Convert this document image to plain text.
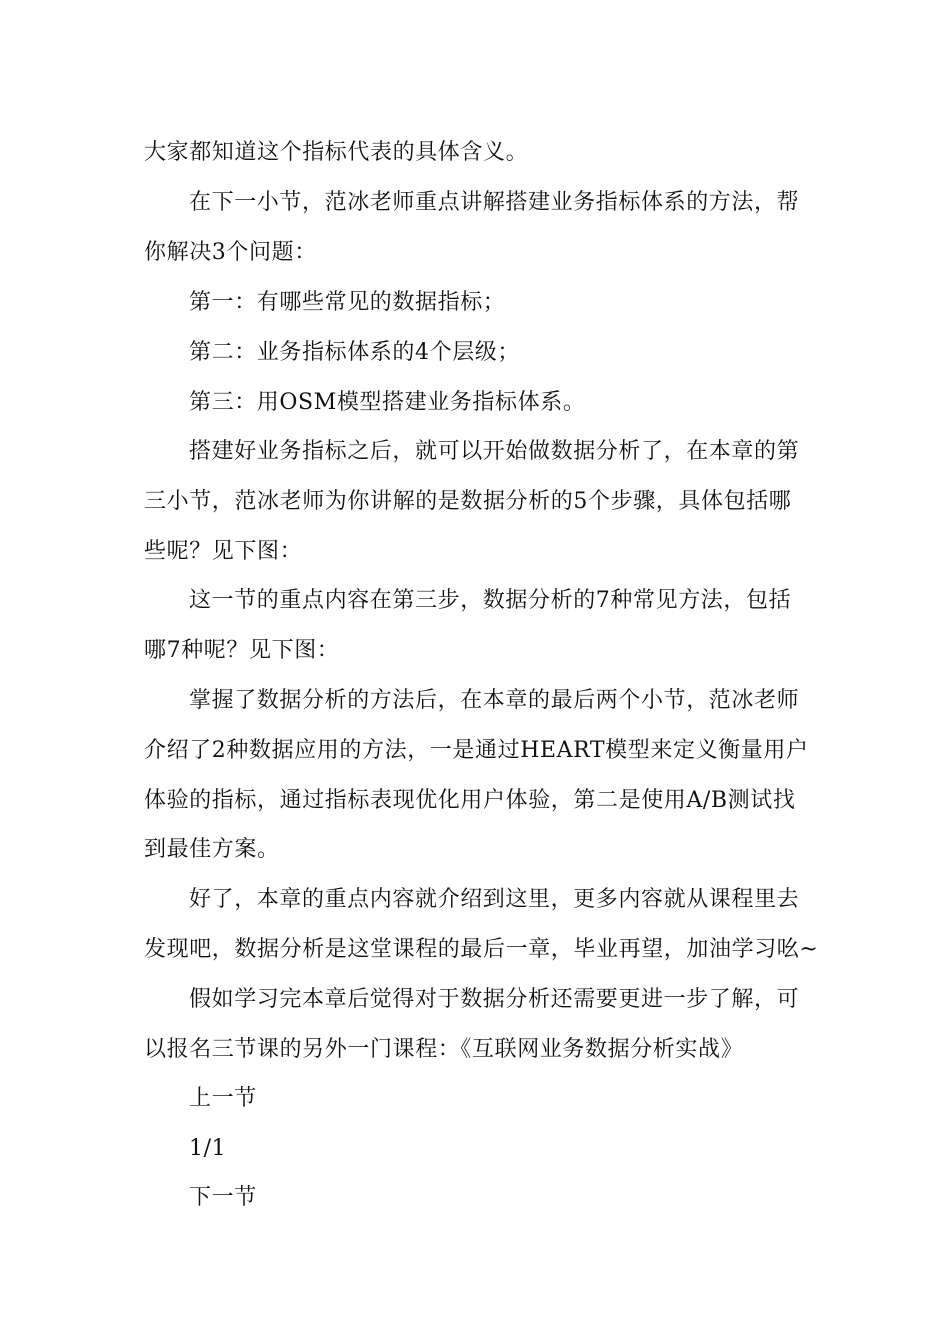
大家都知道这个指标代表的具体含义。
在下一小节，范冰老师重点讲解搭建业务指标体系的方法，帮
你解决3个问题：
第一：有哪些常见的数据指标；
第二：业务指标体系的4个层级；
第三：用OSM模型搭建业务指标体系。
搭建好业务指标之后，就可以开始做数据分析了，在本章的第
三小节，范冰老师为你讲解的是数据分析的5个步骤，具体包括哪
些呢？见下图：
这一节的重点内容在第三步，数据分析的7种常见方法，包括
哪7种呢？见下图：
掌握了数据分析的方法后，在本章的最后两个小节，范冰老师
介绍了2种数据应用的方法，一是通过HEART模型来定义衡量用户
体验的指标，通过指标表现优化用户体验，第二是使用A/B测试找
到最佳方案。
好了，本章的重点内容就介绍到这里，更多内容就从课程里去
发现吧，数据分析是这堂课程的最后一章，毕业再望，加油学习吆~
假如学习完本章后觉得对于数据分析还需要更进一步了解，可
以报名三节课的另外一门课程：《互联网业务数据分析实战》
上一节
1/1
下一节
